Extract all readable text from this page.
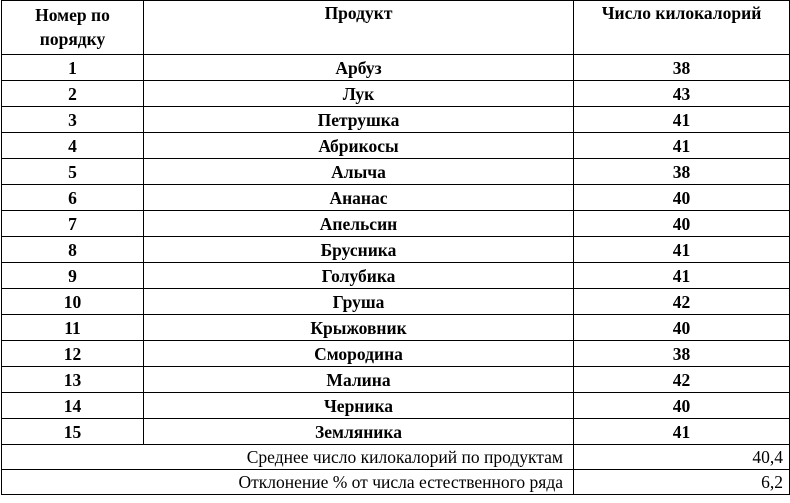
Номер по порядку	Продукт	Число килокалорий
1	Арбуз	38
2	Лук	43
3	Петрушка	41
4	Абрикосы	41
5	Алыча	38
6	Ананас	40
7	Апельсин	40
8	Брусника	41
9	Голубика	41
10	Груша	42
11	Крыжовник	40
12	Смородина	38
13	Малина	42
14	Черника	40
15	Земляника	41
Среднее число килокалорий по продуктам		40,4
Отклонение % от числа естественного ряда		6,2
